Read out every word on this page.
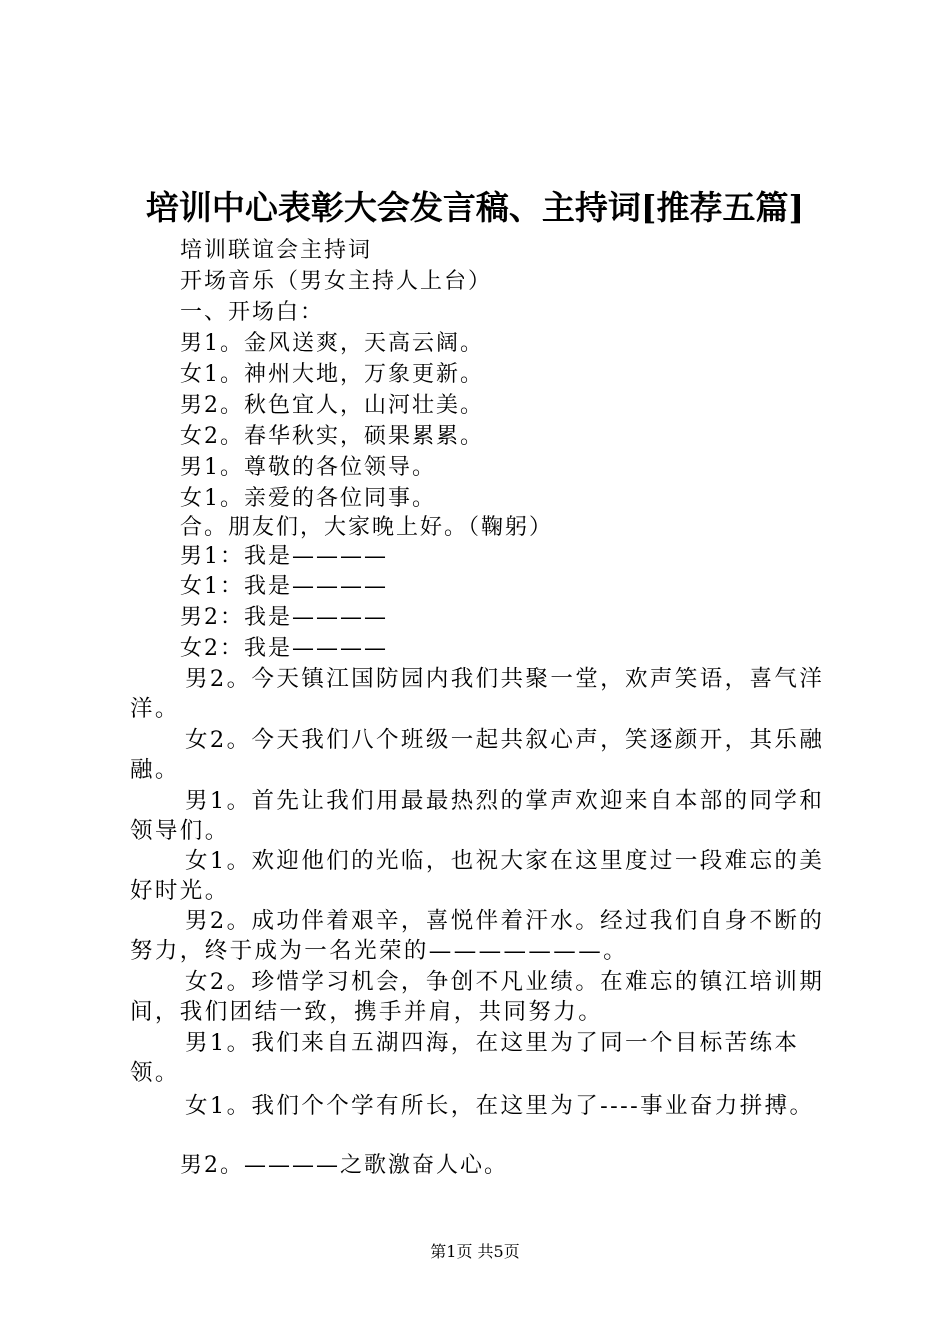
培训中心表彰大会发言稿、主持词[推荐五篇]
培训联谊会主持词
开场音乐（男女主持人上台）
一、开场白：
男1。金风送爽，天高云阔。
女1。神州大地，万象更新。
男2。秋色宜人，山河壮美。
女2。春华秋实，硕果累累。
男1。尊敬的各位领导。
女1。亲爱的各位同事。
合。朋友们，大家晚上好。（鞠躬）
男1：我是————
女1：我是————
男2：我是————
女2：我是————
男2。今天镇江国防园内我们共聚一堂，欢声笑语，喜气洋洋。
女2。今天我们八个班级一起共叙心声，笑逐颜开，其乐融融。
男1。首先让我们用最最热烈的掌声欢迎来自本部的同学和领导们。
女1。欢迎他们的光临，也祝大家在这里度过一段难忘的美好时光。
男2。成功伴着艰辛，喜悦伴着汗水。经过我们自身不断的努力，终于成为一名光荣的———————。
女2。珍惜学习机会，争创不凡业绩。在难忘的镇江培训期间，我们团结一致，携手并肩，共同努力。
男1。我们来自五湖四海，在这里为了同一个目标苦练本领。
女1。我们个个学有所长，在这里为了----事业奋力拼搏。
男2。————之歌激奋人心。
第1页 共5页
